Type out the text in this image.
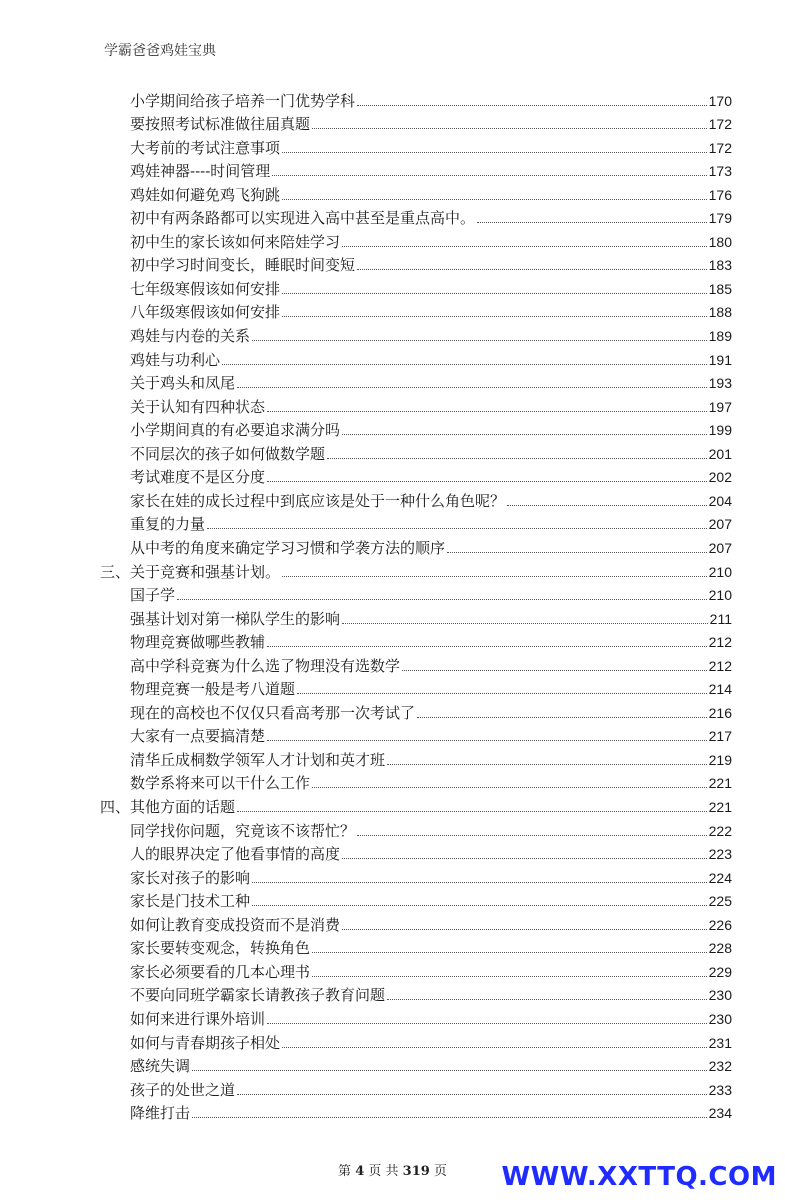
学霸爸爸鸡娃宝典
小学期间给孩子培养一门优势学科	170
要按照考试标准做往届真题	172
大考前的考试注意事项	172
鸡娃神器----时间管理	173
鸡娃如何避免鸡飞狗跳	176
初中有两条路都可以实现进入高中甚至是重点高中。	179
初中生的家长该如何来陪娃学习	180
初中学习时间变长，睡眠时间变短	183
七年级寒假该如何安排	185
八年级寒假该如何安排	188
鸡娃与内卷的关系	189
鸡娃与功利心	191
关于鸡头和凤尾	193
关于认知有四种状态	197
小学期间真的有必要追求满分吗	199
不同层次的孩子如何做数学题	201
考试难度不是区分度	202
家长在娃的成长过程中到底应该是处于一种什么角色呢？	204
重复的力量	207
从中考的角度来确定学习习惯和学袭方法的顺序	207
三、 关于竞赛和强基计划。	210
国子学	210
强基计划对第一梯队学生的影响	211
物理竞赛做哪些教辅	212
高中学科竞赛为什么选了物理没有选数学	212
物理竞赛一般是考八道题	214
现在的高校也不仅仅只看高考那一次考试了	216
大家有一点要搞清楚	217
清华丘成桐数学领军人才计划和英才班	219
数学系将来可以干什么工作	221
四、 其他方面的话题	221
同学找你问题，究竟该不该帮忙？	222
人的眼界决定了他看事情的高度	223
家长对孩子的影响	224
家长是门技术工种	225
如何让教育变成投资而不是消费	226
家长要转变观念，转换角色	228
家长必须要看的几本心理书	229
不要向同班学霸家长请教孩子教育问题	230
如何来进行课外培训	230
如何与青春期孩子相处	231
感统失调	232
孩子的处世之道	233
降维打击	234
第 4 页 共 319 页	WWW.XXTTQ.COM
